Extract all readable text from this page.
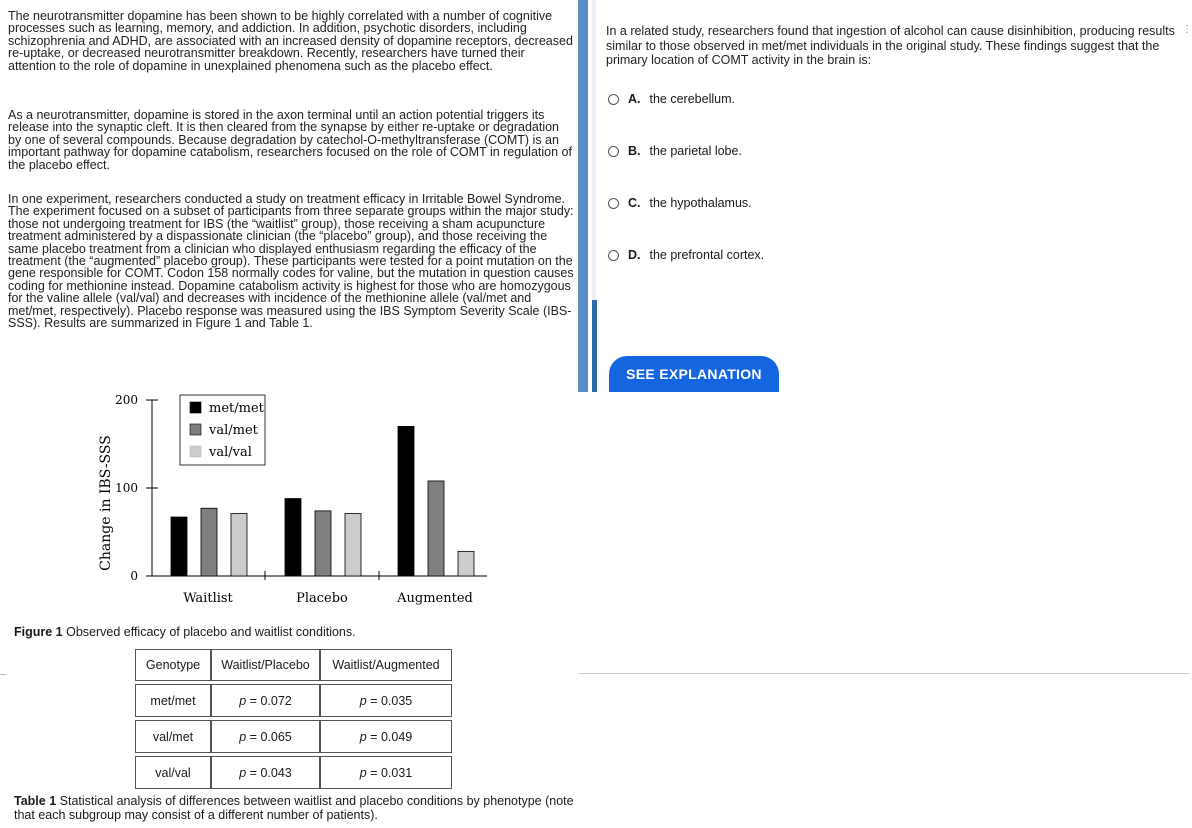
The neurotransmitter dopamine has been shown to be highly correlated with a number of cognitive processes such as learning, memory, and addiction. In addition, psychotic disorders, including schizophrenia and ADHD, are associated with an increased density of dopamine receptors, decreased re-uptake, or decreased neurotransmitter breakdown. Recently, researchers have turned their attention to the role of dopamine in unexplained phenomena such as the placebo effect.

As a neurotransmitter, dopamine is stored in the axon terminal until an action potential triggers its release into the synaptic cleft. It is then cleared from the synapse by either re-uptake or degradation by one of several compounds. Because degradation by catechol-O-methyltransferase (COMT) is an important pathway for dopamine catabolism, researchers focused on the role of COMT in regulation of the placebo effect.

In one experiment, researchers conducted a study on treatment efficacy in Irritable Bowel Syndrome. The experiment focused on a subset of participants from three separate groups within the major study: those not undergoing treatment for IBS (the “waitlist” group), those receiving a sham acupuncture treatment administered by a dispassionate clinician (the “placebo” group), and those receiving the same placebo treatment from a clinician who displayed enthusiasm regarding the efficacy of the treatment (the “augmented” placebo group). These participants were tested for a point mutation on the gene responsible for COMT. Codon 158 normally codes for valine, but the mutation in question causes coding for methionine instead. Dopamine catabolism activity is highest for those who are homozygous for the valine allele (val/val) and decreases with incidence of the methionine allele (val/met and met/met, respectively). Placebo response was measured using the IBS Symptom Severity Scale (IBS-SSS). Results are summarized in Figure 1 and Table 1.

0
100
200
Change in IBS-SSS
Waitlist	Placebo	Augmented
met/met
val/met
val/val

Figure 1 Observed efficacy of placebo and waitlist conditions.

Genotype	Waitlist/Placebo	Waitlist/Augmented

met/met	p = 0.072	p = 0.035

val/met	p = 0.065	p = 0.049

val/val	p = 0.043	p = 0.031

Table 1 Statistical analysis of differences between waitlist and placebo conditions by phenotype (note that each subgroup may consist of a different number of patients).

In a related study, researchers found that ingestion of alcohol can cause disinhibition, producing results similar to those observed in met/met individuals in the original study. These findings suggest that the primary location of COMT activity in the brain is:

A. the cerebellum.
B. the parietal lobe.
C. the hypothalamus.
D. the prefrontal cortex.
SEE EXPLANATION
⋮
